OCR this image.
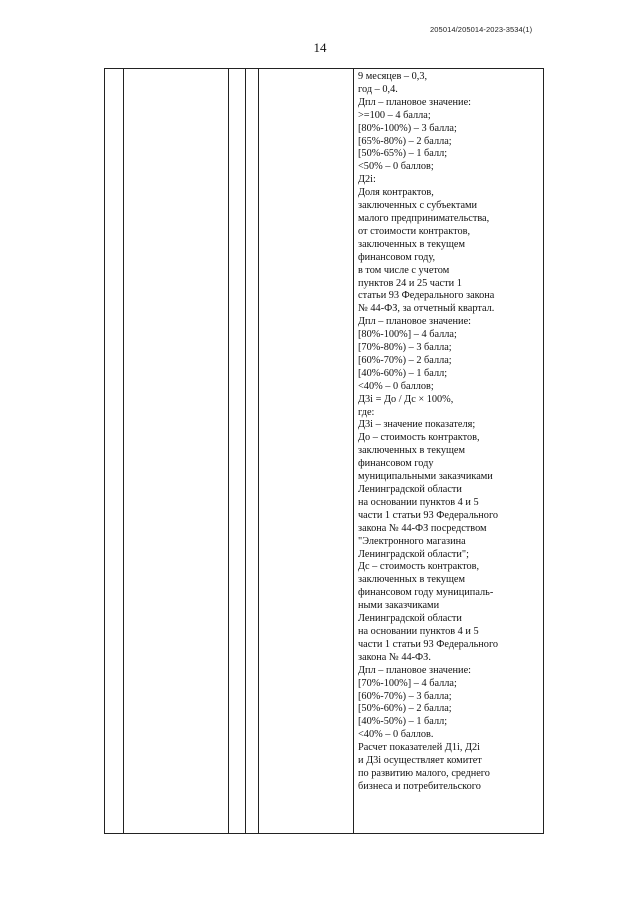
205014/205014-2023-3534(1)
14

9 месяцев – 0,3,
год – 0,4.
Дпл – плановое значение:
>=100 – 4 балла;
[80%-100%) – 3 балла;
[65%-80%) – 2 балла;
[50%-65%) – 1 балл;
<50% – 0 баллов;
Д2i:
Доля контрактов,
заключенных с субъектами
малого предпринимательства,
от стоимости контрактов,
заключенных в текущем
финансовом году,
в том числе с учетом
пунктов 24 и 25 части 1
статьи 93 Федерального закона
№ 44-ФЗ, за отчетный квартал.
Дпл – плановое значение:
[80%-100%] – 4 балла;
[70%-80%) – 3 балла;
[60%-70%) – 2 балла;
[40%-60%) – 1 балл;
<40% – 0 баллов;
Д3i = До / Дс × 100%,
где:
Д3i – значение показателя;
До – стоимость контрактов,
заключенных в текущем
финансовом году
муниципальными заказчиками
Ленинградской области
на основании пунктов 4 и 5
части 1 статьи 93 Федерального
закона № 44-ФЗ посредством
"Электронного магазина
Ленинградской области";
Дс – стоимость контрактов,
заключенных в текущем
финансовом году муниципаль-
ными заказчиками
Ленинградской области
на основании пунктов 4 и 5
части 1 статьи 93 Федерального
закона № 44-ФЗ.
Дпл – плановое значение:
[70%-100%] – 4 балла;
[60%-70%) – 3 балла;
[50%-60%) – 2 балла;
[40%-50%) – 1 балл;
<40% – 0 баллов.
Расчет показателей Д1i, Д2i
и Д3i осуществляет комитет
по развитию малого, среднего
бизнеса и потребительского
